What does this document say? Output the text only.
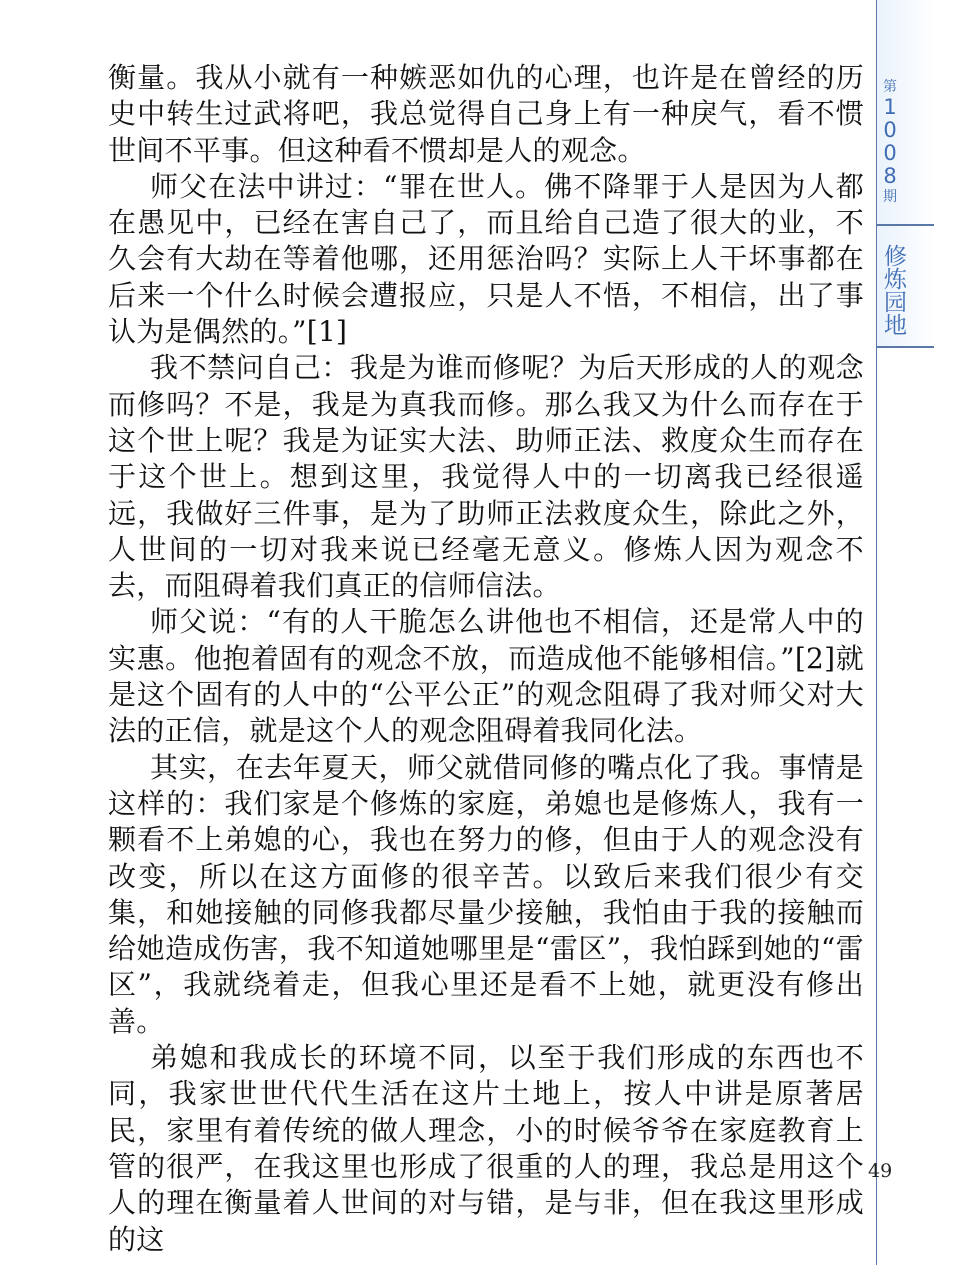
衡量。我从小就有一种嫉恶如仇的心理，也许是在曾经的历史中转生过武将吧，我总觉得自己身上有一种戾气，看不惯世间不平事。但这种看不惯却是人的观念。

师父在法中讲过：“罪在世人。佛不降罪于人是因为人都在愚见中，已经在害自己了，而且给自己造了很大的业，不久会有大劫在等着他哪，还用惩治吗？实际上人干坏事都在后来一个什么时候会遭报应，只是人不悟，不相信，出了事认为是偶然的。”[1]

我不禁问自己：我是为谁而修呢？为后天形成的人的观念而修吗？不是，我是为真我而修。那么我又为什么而存在于这个世上呢？我是为证实大法、助师正法、救度众生而存在于这个世上。想到这里，我觉得人中的一切离我已经很遥远，我做好三件事，是为了助师正法救度众生，除此之外，人世间的一切对我来说已经毫无意义。修炼人因为观念不去，而阻碍着我们真正的信师信法。

师父说：“有的人干脆怎么讲他也不相信，还是常人中的实惠。他抱着固有的观念不放，而造成他不能够相信。”[2]就是这个固有的人中的“公平公正”的观念阻碍了我对师父对大法的正信，就是这个人的观念阻碍着我同化法。

其实，在去年夏天，师父就借同修的嘴点化了我。事情是这样的：我们家是个修炼的家庭，弟媳也是修炼人，我有一颗看不上弟媳的心，我也在努力的修，但由于人的观念没有改变，所以在这方面修的很辛苦。以致后来我们很少有交集，和她接触的同修我都尽量少接触，我怕由于我的接触而给她造成伤害，我不知道她哪里是“雷区”，我怕踩到她的“雷区”，我就绕着走，但我心里还是看不上她，就更没有修出善。

弟媳和我成长的环境不同，以至于我们形成的东西也不同，我家世世代代生活在这片土地上，按人中讲是原著居民，家里有着传统的做人理念，小的时候爷爷在家庭教育上管的很严，在我这里也形成了很重的人的理，我总是用这个人的理在衡量着人世间的对与错，是与非，但在我这里形成的这

第
1
0
0
8
期
修炼园地
49
